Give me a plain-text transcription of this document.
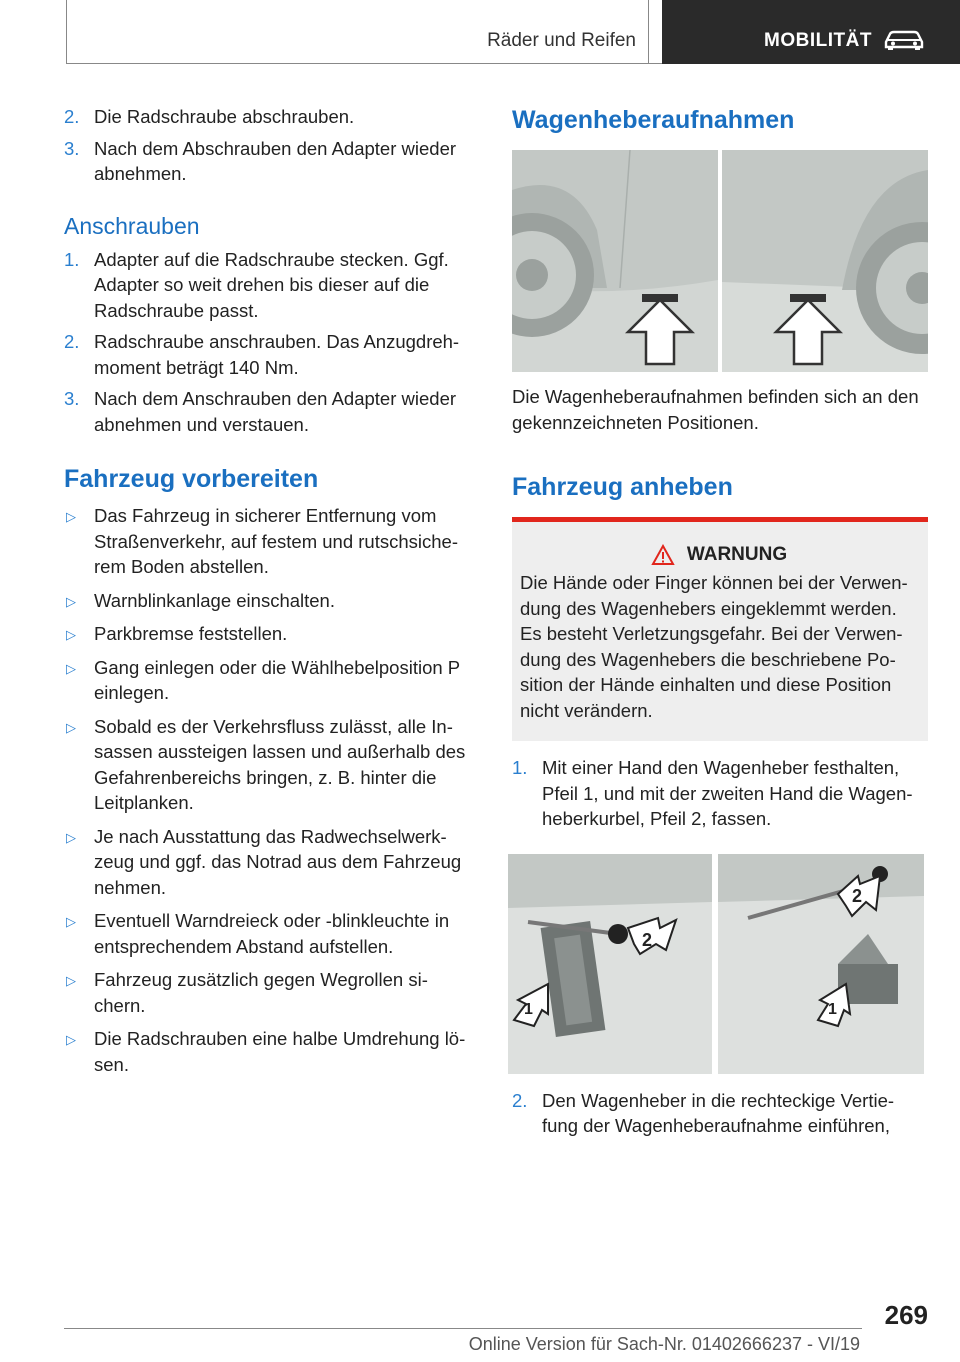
Räder und Reifen	MOBILITÄT
2. Die Radschraube abschrauben.
3. Nach dem Abschrauben den Adapter wieder abnehmen.
Anschrauben
1. Adapter auf die Radschraube stecken. Ggf. Adapter so weit drehen bis dieser auf die Radschraube passt.
2. Radschraube anschrauben. Das Anzugdreh-moment beträgt 140 Nm.
3. Nach dem Anschrauben den Adapter wieder abnehmen und verstauen.
Fahrzeug vorbereiten
▷ Das Fahrzeug in sicherer Entfernung vom Straßenverkehr, auf festem und rutschsiche-rem Boden abstellen.
▷ Warnblinkanlage einschalten.
▷ Parkbremse feststellen.
▷ Gang einlegen oder die Wählhebelposition P einlegen.
▷ Sobald es der Verkehrsfluss zulässt, alle In-sassen aussteigen lassen und außerhalb des Gefahrenbereichs bringen, z. B. hinter die Leitplanken.
▷ Je nach Ausstattung das Radwechselwerk-zeug und ggf. das Notrad aus dem Fahrzeug nehmen.
▷ Eventuell Warndreieck oder -blinkleuchte in entsprechendem Abstand aufstellen.
▷ Fahrzeug zusätzlich gegen Wegrollen si-chern.
▷ Die Radschrauben eine halbe Umdrehung lö-sen.
Wagenheberaufnahmen
Die Wagenheberaufnahmen befinden sich an den gekennzeichneten Positionen.
Fahrzeug anheben
WARNUNG
Die Hände oder Finger können bei der Verwen-dung des Wagenhebers eingeklemmt werden. Es besteht Verletzungsgefahr. Bei der Verwen-dung des Wagenhebers die beschriebene Po-sition der Hände einhalten und diese Position nicht verändern.
1. Mit einer Hand den Wagenheber festhalten, Pfeil 1, und mit der zweiten Hand die Wagen-heberkurbel, Pfeil 2, fassen.
2
1
2
1
2. Den Wagenheber in die rechteckige Vertie-fung der Wagenheberaufnahme einführen,
269
Online Version für Sach-Nr. 01402666237 - VI/19
